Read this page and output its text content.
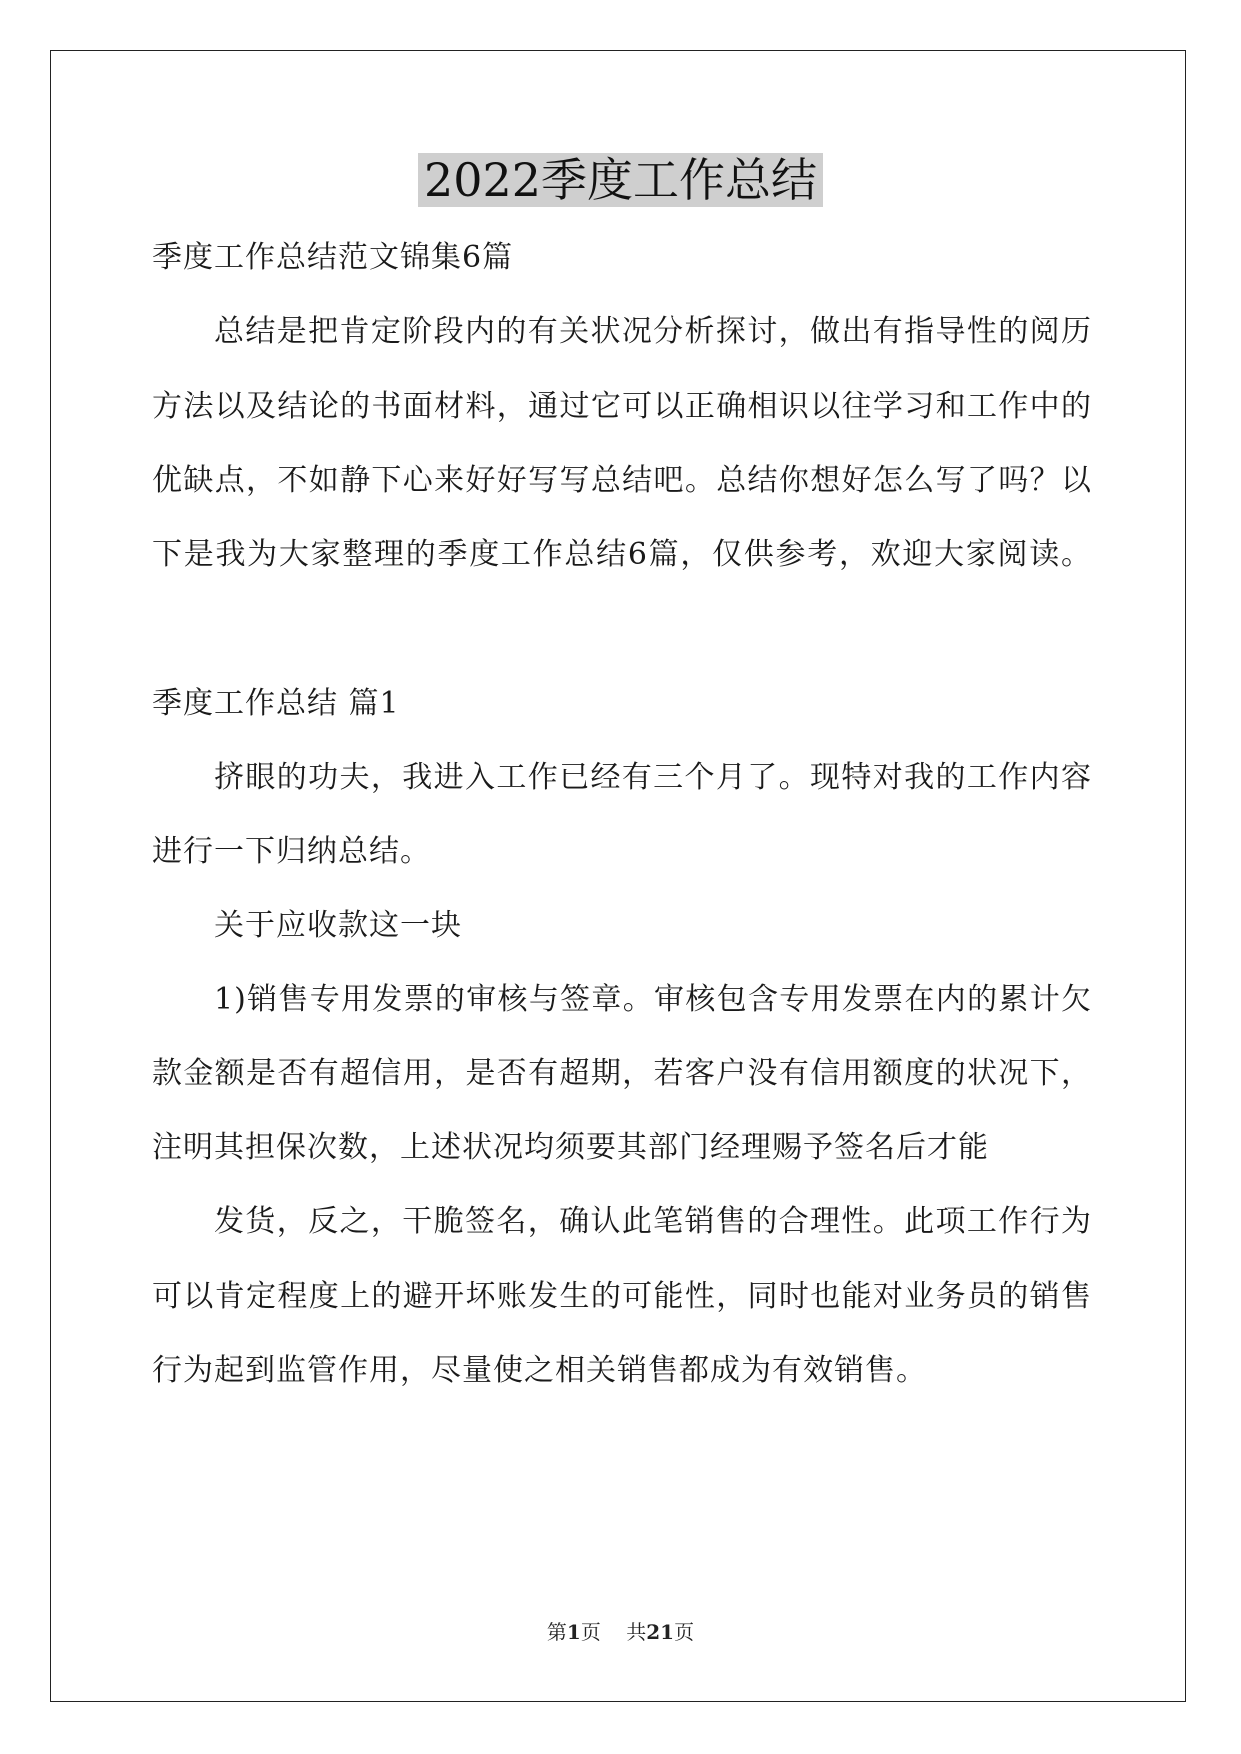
2022季度工作总结

季度工作总结范文锦集6篇

总结是把肯定阶段内的有关状况分析探讨，做出有指导性的阅历

方法以及结论的书面材料，通过它可以正确相识以往学习和工作中的

优缺点，不如静下心来好好写写总结吧。总结你想好怎么写了吗？以

下是我为大家整理的季度工作总结6篇，仅供参考，欢迎大家阅读。

季度工作总结 篇1

挤眼的功夫，我进入工作已经有三个月了。现特对我的工作内容

进行一下归纳总结。

关于应收款这一块

1)销售专用发票的审核与签章。审核包含专用发票在内的累计欠

款金额是否有超信用，是否有超期，若客户没有信用额度的状况下，

注明其担保次数，上述状况均须要其部门经理赐予签名后才能

发货，反之，干脆签名，确认此笔销售的合理性。此项工作行为

可以肯定程度上的避开坏账发生的可能性，同时也能对业务员的销售

行为起到监管作用，尽量使之相关销售都成为有效销售。

第1页 共21页
